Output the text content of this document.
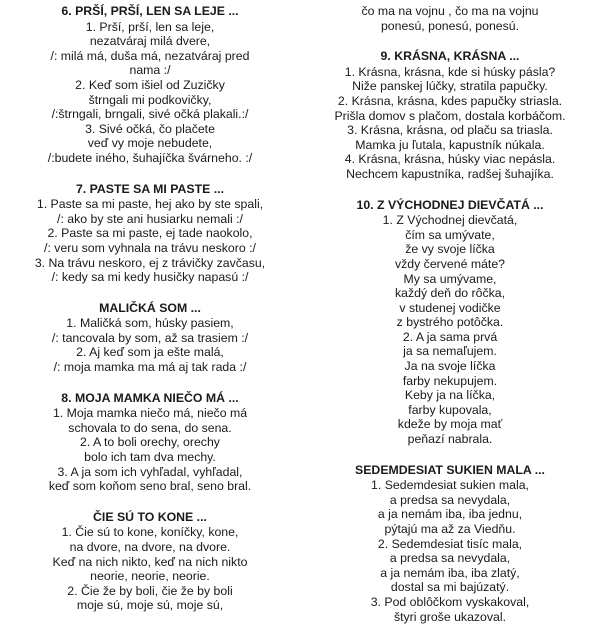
6. PRŠÍ, PRŠÍ, LEN SA LEJE ...
1. Prší, prší, len sa leje,
nezatváraj milá dvere,
/: milá má, duša má, nezatváraj pred
nama :/
2. Keď som išiel od Zuzičky
štrngali mi podkovičky,
/:štrngali, brngali, sivé očká plakali.:/
3. Sivé očká, čo plačete
veď vy moje nebudete,
/:budete iného, šuhajíčka švárneho. :/
7. PASTE SA MI PASTE ...
1. Paste sa mi paste, hej ako by ste spali,
/: ako by ste ani husiarku nemali :/
2. Paste sa mi paste, ej tade naokolo,
/: veru som vyhnala na trávu neskoro :/
3. Na trávu neskoro, ej z trávičky zavčasu,
/: kedy sa mi kedy husičky napasú :/
MALIČKÁ SOM ...
1. Maličká som, húsky pasiem,
/: tancovala by som, až sa trasiem :/
2. Aj keď som ja ešte malá,
/: moja mamka ma má aj tak rada :/
8. MOJA MAMKA NIEČO MÁ ...
1. Moja mamka niečo má, niečo má
schovala to do sena, do sena.
2. A to boli orechy, orechy
bolo ich tam dva mechy.
3. A ja som ich vyhľadal, vyhľadal,
keď som koňom seno bral, seno bral.
ČIE SÚ TO KONE ...
1. Čie sú to kone, koníčky, kone,
na dvore, na dvore, na dvore.
Keď na nich nikto, keď na nich nikto
neorie, neorie, neorie.
2. Čie že by boli, čie že by boli
moje sú, moje sú, moje sú,
čo ma na vojnu , čo ma na vojnu
ponesú, ponesú, ponesú.
9. KRÁSNA, KRÁSNA ...
1. Krásna, krásna, kde si húsky pásla?
Niže panskej lúčky, stratila papučky.
2. Krásna, krásna, kdes papučky striasla.
Prišla domov s plačom, dostala korbáčom.
3. Krásna, krásna, od plaču sa triasla.
Mamka ju ľutala, kapustník núkala.
4. Krásna, krásna, húsky viac nepásla.
Nechcem kapustníka, radšej šuhajíka.
10. Z VÝCHODNEJ DIEVČATÁ ...
1. Z Východnej dievčatá,
čím sa umývate,
že vy svoje líčka
vždy červené máte?
My sa umývame,
každý deň do rôčka,
v studenej vodičke
z bystrého potôčka.
2. A ja sama prvá
ja sa nemaľujem.
Ja na svoje líčka
farby nekupujem.
Keby ja na líčka,
farby kupovala,
kdeže by moja mať
peňazí nabrala.
SEDEMDESIAT SUKIEN MALA ...
1. Sedemdesiat sukien mala,
a predsa sa nevydala,
a ja nemám iba, iba jednu,
pýtajú ma až za Viedňu.
2. Sedemdesiat tisíc mala,
a predsa sa nevydala,
a ja nemám iba, iba zlatý,
dostal sa mi bajúzatý.
3. Pod oblôčkom vyskakoval,
štyri groše ukazoval.
